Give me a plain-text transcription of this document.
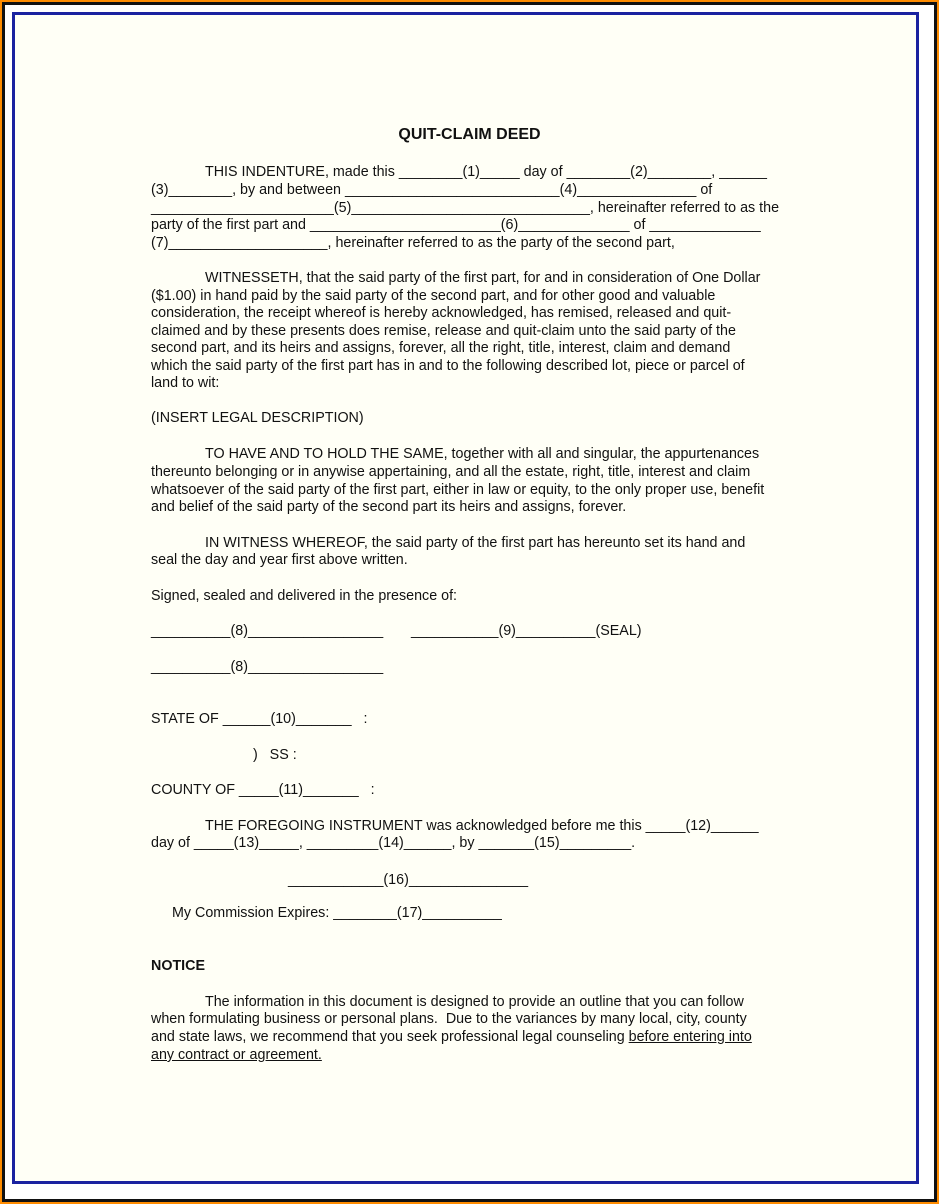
QUIT-CLAIM DEED
THIS INDENTURE, made this ________(1)_____ day of ________(2)________, ______
(3)________, by and between ___________________________(4)_______________ of
_______________________(5)______________________________, hereinafter referred to as the
party of the first part and ________________________(6)______________ of ______________
(7)____________________, hereinafter referred to as the party of the second part,
WITNESSETH, that the said party of the first part, for and in consideration of One Dollar
($1.00) in hand paid by the said party of the second part, and for other good and valuable
consideration, the receipt whereof is hereby acknowledged, has remised, released and quit-
claimed and by these presents does remise, release and quit-claim unto the said party of the
second part, and its heirs and assigns, forever, all the right, title, interest, claim and demand
which the said party of the first part has in and to the following described lot, piece or parcel of
land to wit:
(INSERT LEGAL DESCRIPTION)
TO HAVE AND TO HOLD THE SAME, together with all and singular, the appurtenances
thereunto belonging or in anywise appertaining, and all the estate, right, title, interest and claim
whatsoever of the said party of the first part, either in law or equity, to the only proper use, benefit
and belief of the said party of the second part its heirs and assigns, forever.
IN WITNESS WHEREOF, the said party of the first part has hereunto set its hand and
seal the day and year first above written.
Signed, sealed and delivered in the presence of:
__________(8)_________________ ___________(9)__________(SEAL)
__________(8)_________________
STATE OF ______(10)_______   :
)   SS :
COUNTY OF _____(11)_______   :
THE FOREGOING INSTRUMENT was acknowledged before me this _____(12)______
day of _____(13)_____, _________(14)______, by _______(15)_________.
____________(16)_______________
My Commission Expires: ________(17)__________
NOTICE
The information in this document is designed to provide an outline that you can follow
when formulating business or personal plans.  Due to the variances by many local, city, county
and state laws, we recommend that you seek professional legal counseling before entering into
any contract or agreement.
